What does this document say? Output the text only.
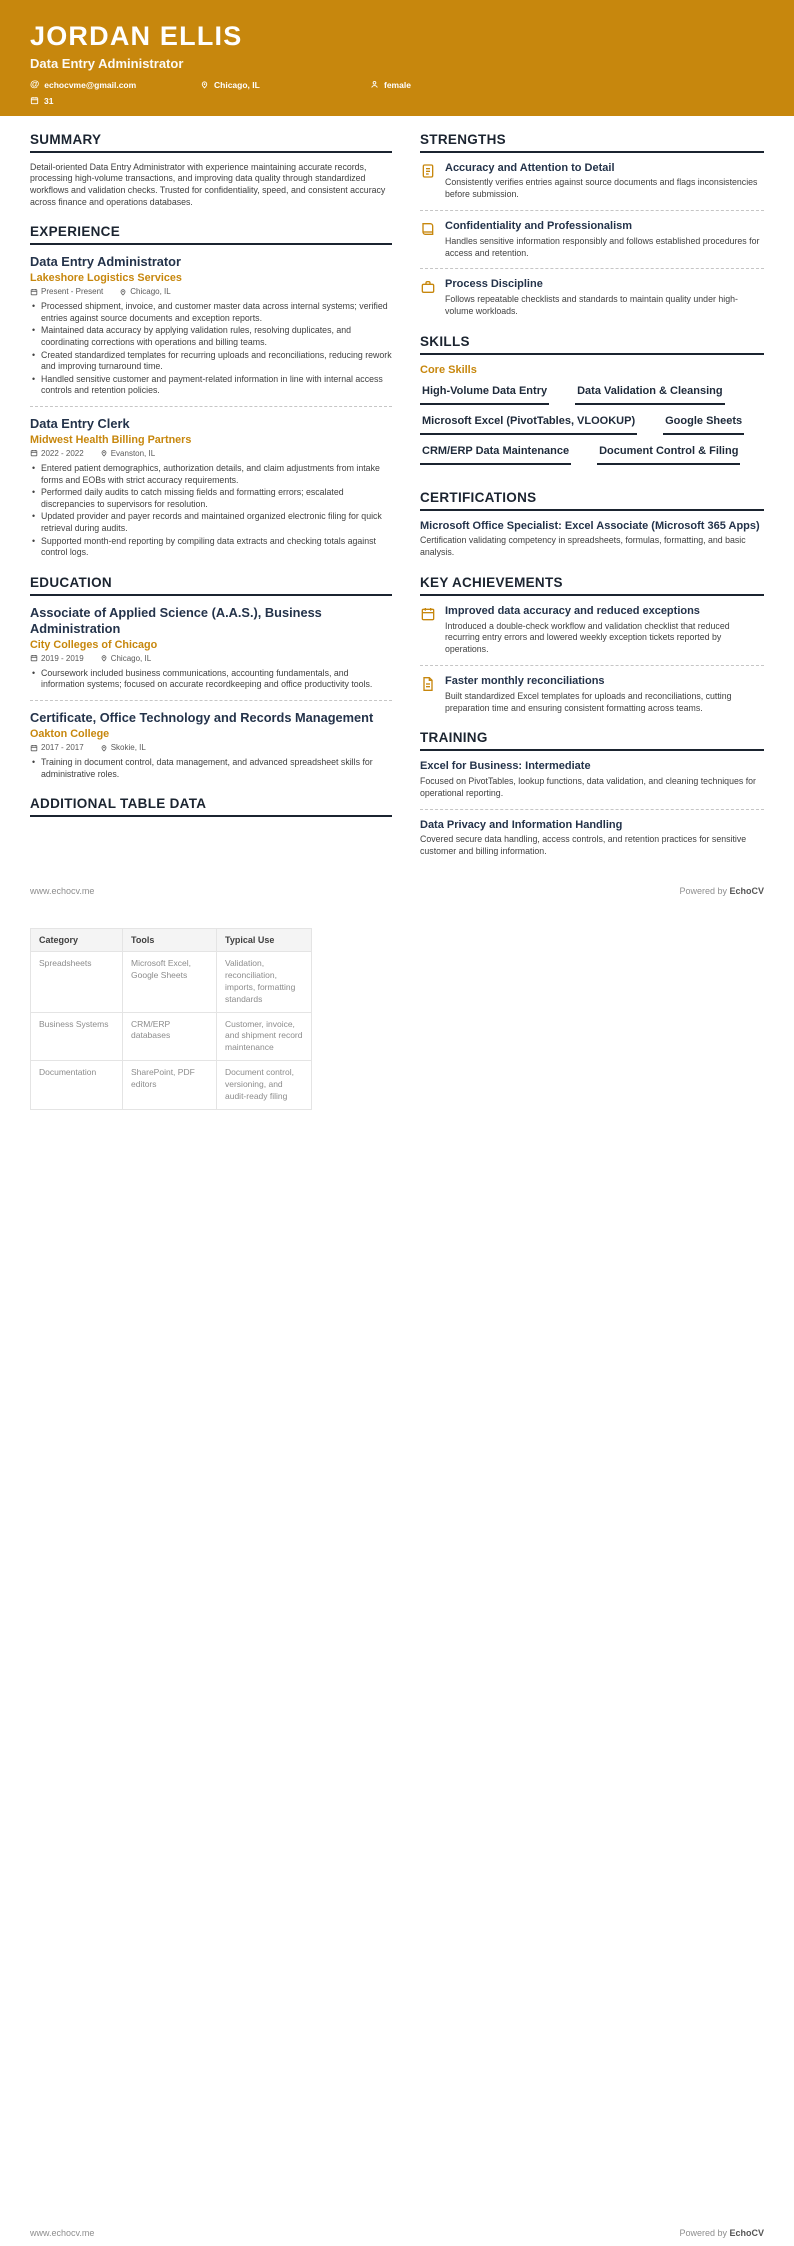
JORDAN ELLIS
Data Entry Administrator
@ echocvme@gmail.com	Chicago, IL	female
31
SUMMARY

Detail-oriented Data Entry Administrator with experience maintaining accurate records, processing high-volume transactions, and improving data quality through standardized workflows and validation checks. Trusted for confidentiality, speed, and consistent accuracy across finance and operations databases.

EXPERIENCE
Data Entry Administrator
Lakeshore Logistics Services
Present - Present	Chicago, IL
• Processed shipment, invoice, and customer master data across internal systems; verified entries against source documents and exception reports.
• Maintained data accuracy by applying validation rules, resolving duplicates, and coordinating corrections with operations and billing teams.
• Created standardized templates for recurring uploads and reconciliations, reducing rework and improving turnaround time.
• Handled sensitive customer and payment-related information in line with internal access controls and retention policies.
Data Entry Clerk
Midwest Health Billing Partners
2022 - 2022	Evanston, IL
• Entered patient demographics, authorization details, and claim adjustments from intake forms and EOBs with strict accuracy requirements.
• Performed daily audits to catch missing fields and formatting errors; escalated discrepancies to supervisors for resolution.
• Updated provider and payer records and maintained organized electronic filing for quick retrieval during audits.
• Supported month-end reporting by compiling data extracts and checking totals against control logs.
EDUCATION
Associate of Applied Science (A.A.S.), Business Administration
City Colleges of Chicago
2019 - 2019	Chicago, IL
• Coursework included business communications, accounting fundamentals, and information systems; focused on accurate recordkeeping and office productivity tools.
Certificate, Office Technology and Records Management
Oakton College
2017 - 2017	Skokie, IL
• Training in document control, data management, and advanced spreadsheet skills for administrative roles.
ADDITIONAL TABLE DATA
STRENGTHS
Accuracy and Attention to Detail
Consistently verifies entries against source documents and flags inconsistencies before submission.
Confidentiality and Professionalism
Handles sensitive information responsibly and follows established procedures for access and retention.
Process Discipline
Follows repeatable checklists and standards to maintain quality under high-volume workloads.
SKILLS
Core Skills
High-Volume Data Entry	Data Validation & Cleansing
Microsoft Excel (PivotTables, VLOOKUP)	Google Sheets
CRM/ERP Data Maintenance	Document Control & Filing
CERTIFICATIONS
Microsoft Office Specialist: Excel Associate (Microsoft 365 Apps)
Certification validating competency in spreadsheets, formulas, formatting, and basic analysis.
KEY ACHIEVEMENTS
Improved data accuracy and reduced exceptions
Introduced a double-check workflow and validation checklist that reduced recurring entry errors and lowered weekly exception tickets reported by operations.
Faster monthly reconciliations
Built standardized Excel templates for uploads and reconciliations, cutting preparation time and ensuring consistent formatting across teams.
TRAINING
Excel for Business: Intermediate
Focused on PivotTables, lookup functions, data validation, and cleaning techniques for operational reporting.
Data Privacy and Information Handling
Covered secure data handling, access controls, and retention practices for sensitive customer and billing information.
www.echocv.me	Powered by EchoCV
Category	Tools	Typical Use
Spreadsheets	Microsoft Excel, Google Sheets	Validation, reconciliation, imports, formatting standards
Business Systems	CRM/ERP databases	Customer, invoice, and shipment record maintenance
Documentation	SharePoint, PDF editors	Document control, versioning, and audit-ready filing
www.echocv.me	Powered by EchoCV
